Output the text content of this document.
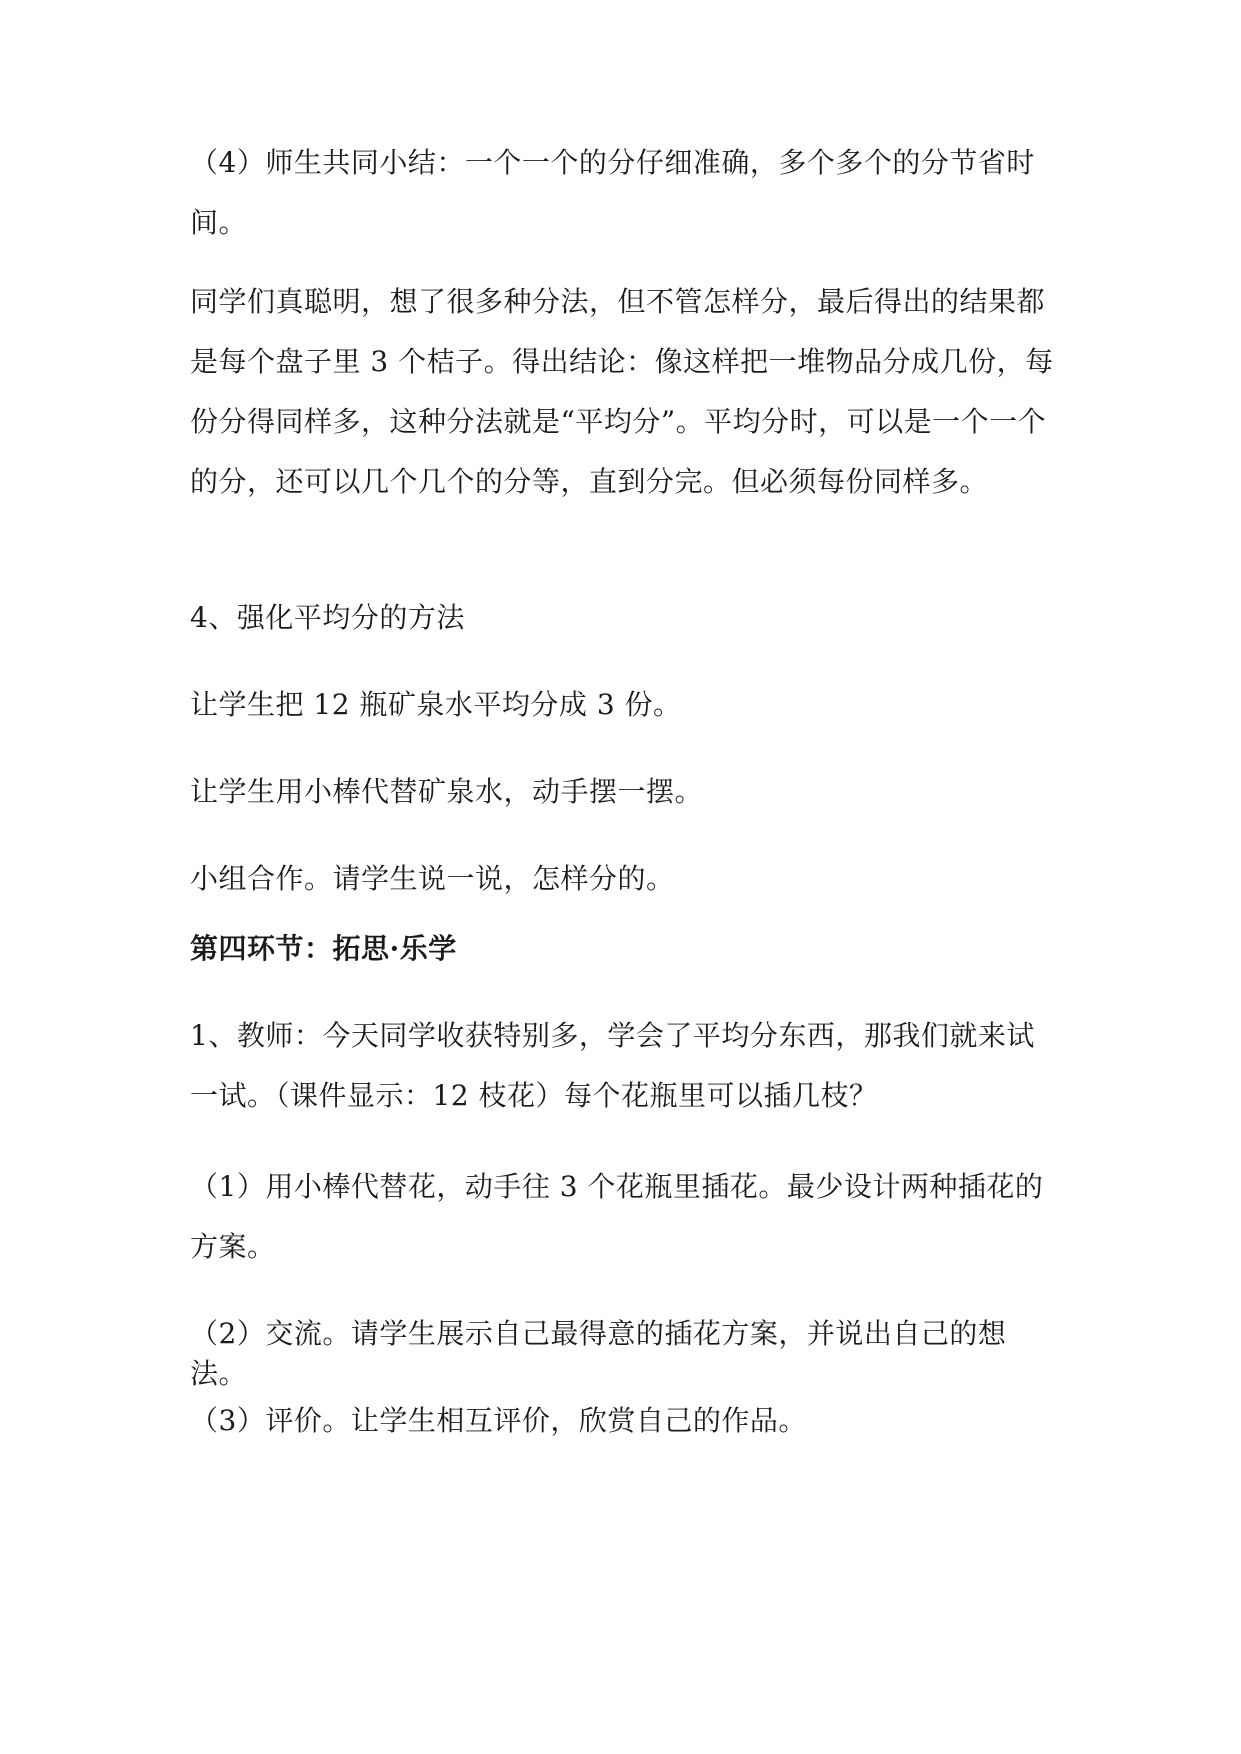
（4）师生共同小结：一个一个的分仔细准确，多个多个的分节省时间。

同学们真聪明，想了很多种分法，但不管怎样分，最后得出的结果都是每个盘子里 3 个桔子。得出结论：像这样把一堆物品分成几份，每份分得同样多，这种分法就是“平均分”。平均分时，可以是一个一个的分，还可以几个几个的分等，直到分完。但必须每份同样多。

4、强化平均分的方法

让学生把 12 瓶矿泉水平均分成 3 份。

让学生用小棒代替矿泉水，动手摆一摆。

小组合作。请学生说一说，怎样分的。

第四环节：拓思·乐学

1、教师：今天同学收获特别多，学会了平均分东西，那我们就来试一试。（课件显示：12 枝花）每个花瓶里可以插几枝？

（1）用小棒代替花，动手往 3 个花瓶里插花。最少设计两种插花的方案。

（2）交流。请学生展示自己最得意的插花方案，并说出自己的想法。

（3）评价。让学生相互评价，欣赏自己的作品。
